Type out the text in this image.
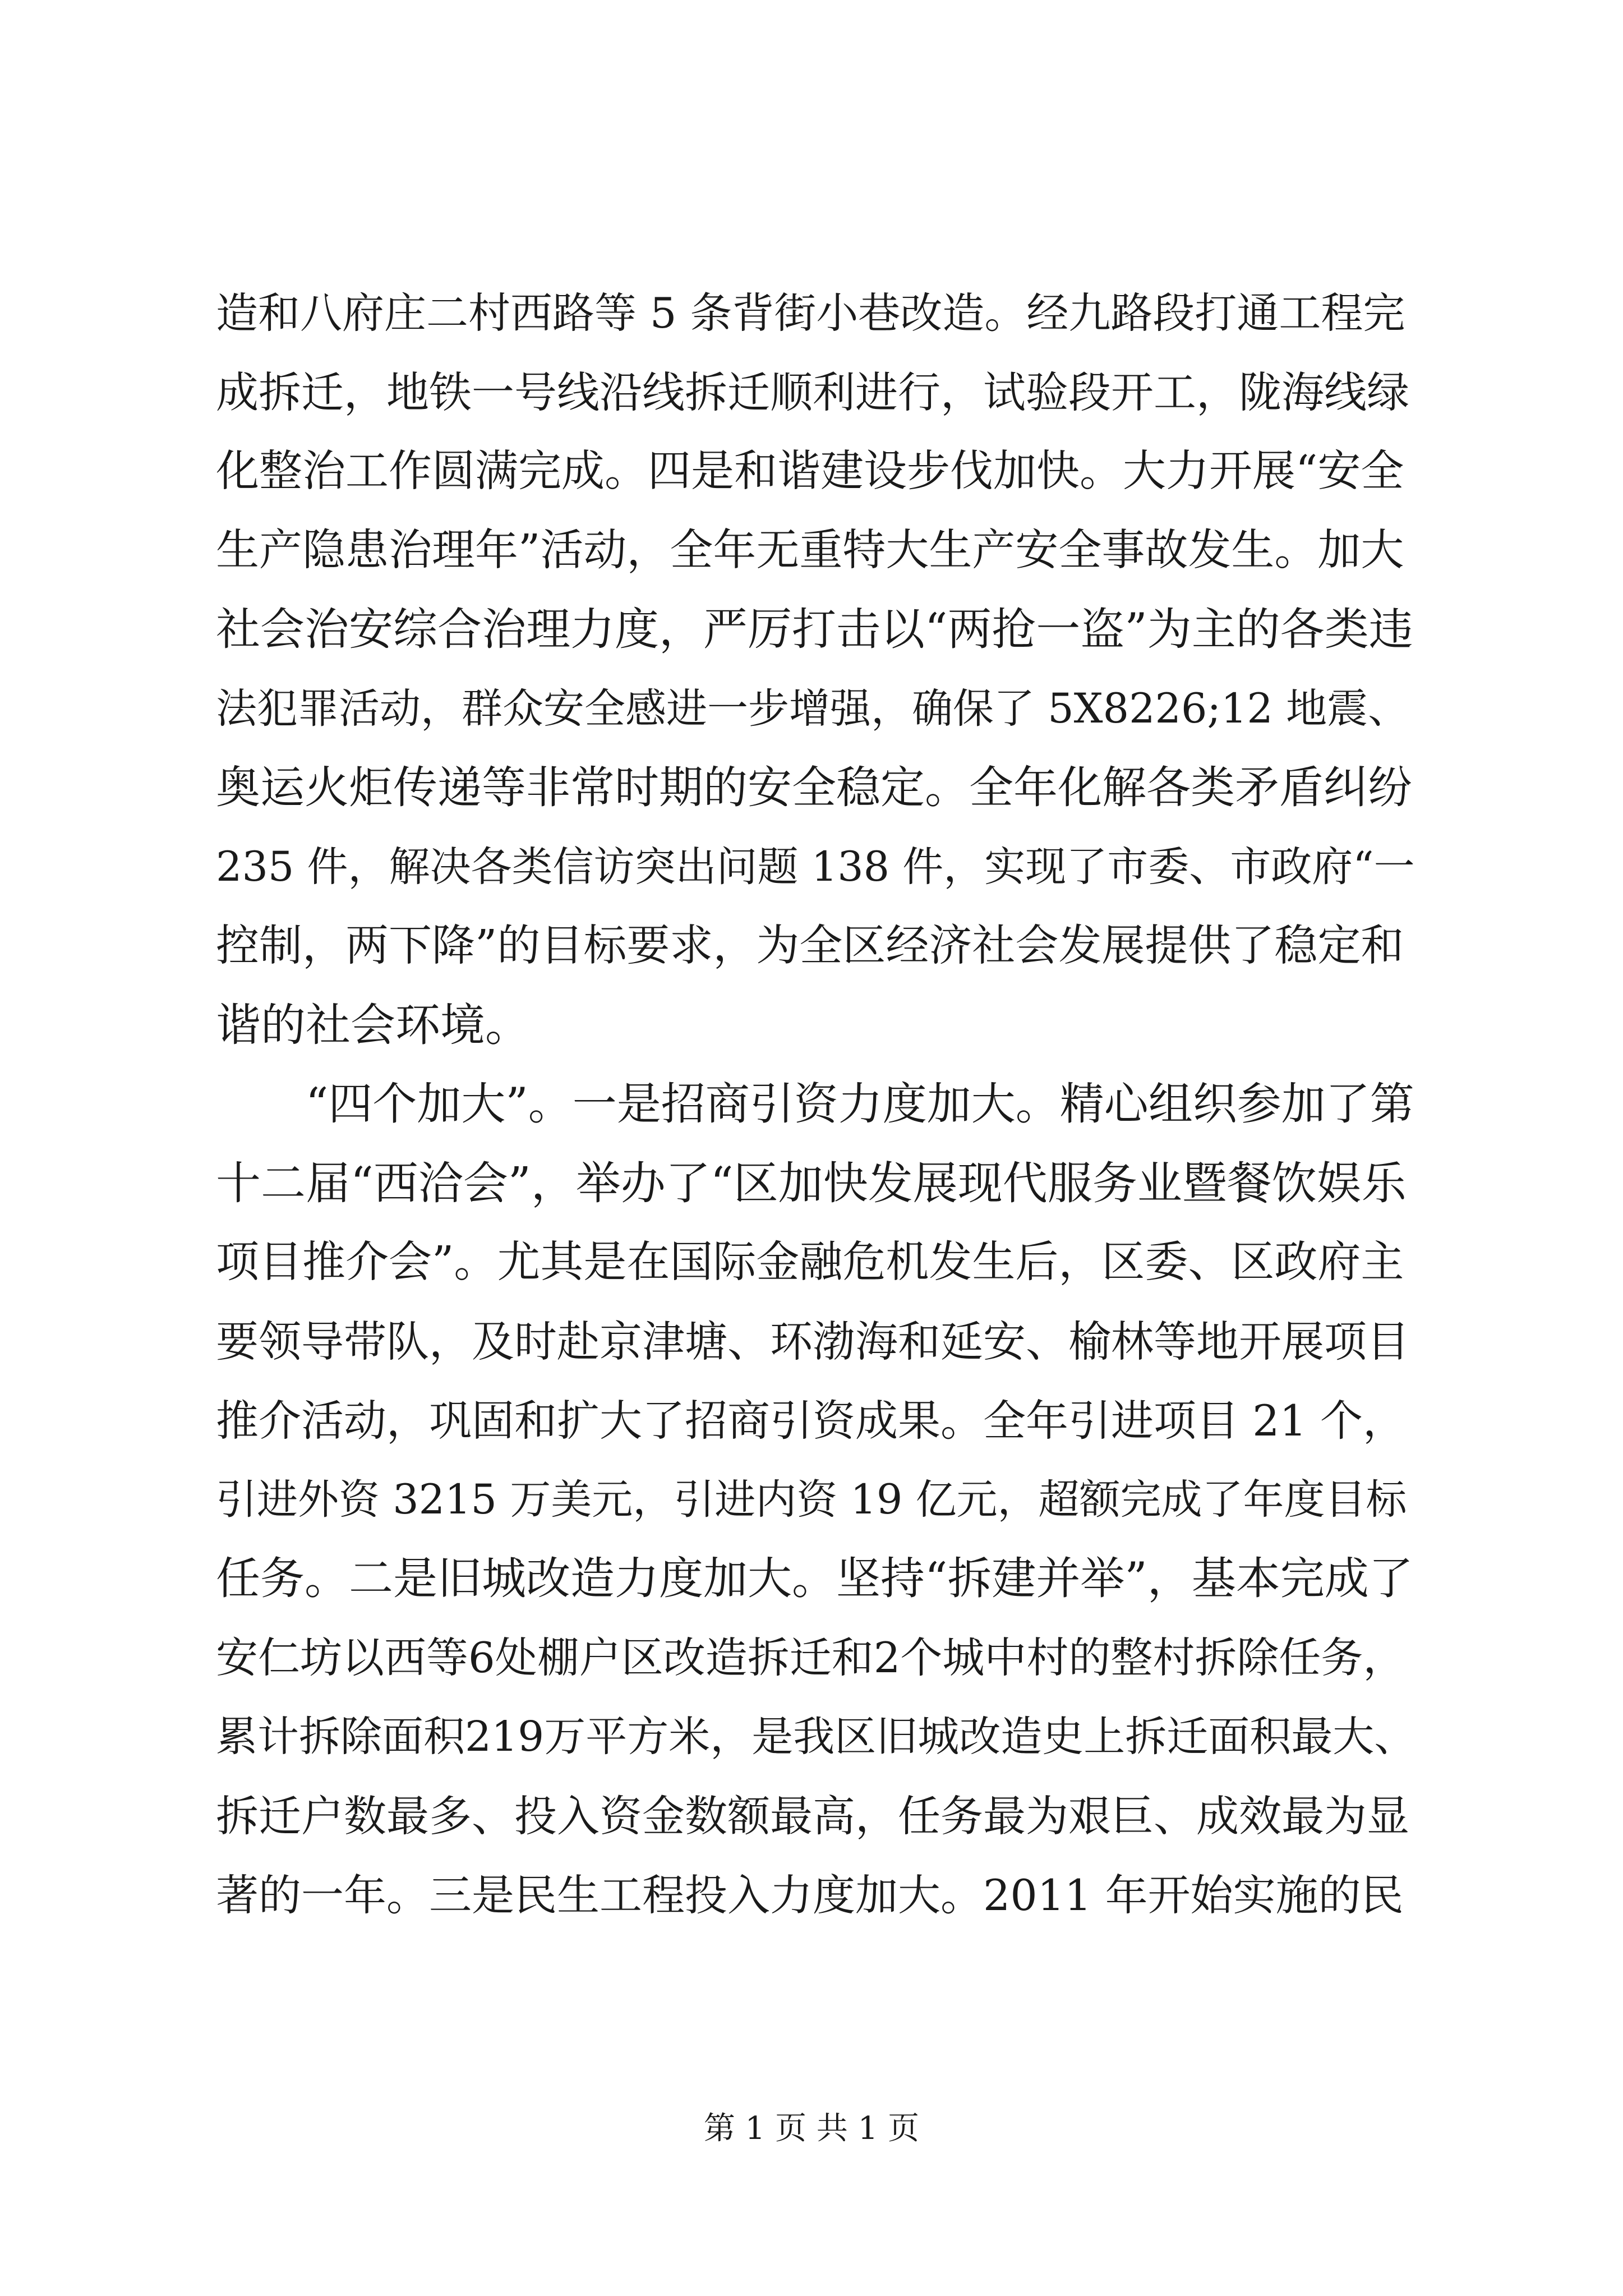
造和八府庄二村西路等 5 条背街小巷改造。经九路段打通工程完
成拆迁，地铁一号线沿线拆迁顺利进行，试验段开工，陇海线绿
化整治工作圆满完成。四是和谐建设步伐加快。大力开展“安全
生产隐患治理年”活动，全年无重特大生产安全事故发生。加大
社会治安综合治理力度，严厉打击以“两抢一盗”为主的各类违
法犯罪活动，群众安全感进一步增强，确保了 5X8226;12 地震、
奥运火炬传递等非常时期的安全稳定。全年化解各类矛盾纠纷
235 件，解决各类信访突出问题 138 件，实现了市委、市政府“一
控制，两下降”的目标要求，为全区经济社会发展提供了稳定和
谐的社会环境。
“四个加大”。一是招商引资力度加大。精心组织参加了第
十二届“西洽会”，举办了“区加快发展现代服务业暨餐饮娱乐
项目推介会”。尤其是在国际金融危机发生后，区委、区政府主
要领导带队，及时赴京津塘、环渤海和延安、榆林等地开展项目
推介活动，巩固和扩大了招商引资成果。全年引进项目 21 个，
引进外资 3215 万美元，引进内资 19 亿元，超额完成了年度目标
任务。二是旧城改造力度加大。坚持“拆建并举”，基本完成了
安仁坊以西等6处棚户区改造拆迁和2个城中村的整村拆除任务，
累计拆除面积219万平方米，是我区旧城改造史上拆迁面积最大、
拆迁户数最多、投入资金数额最高，任务最为艰巨、成效最为显
著的一年。三是民生工程投入力度加大。2011 年开始实施的民
第 1 页 共 1 页
